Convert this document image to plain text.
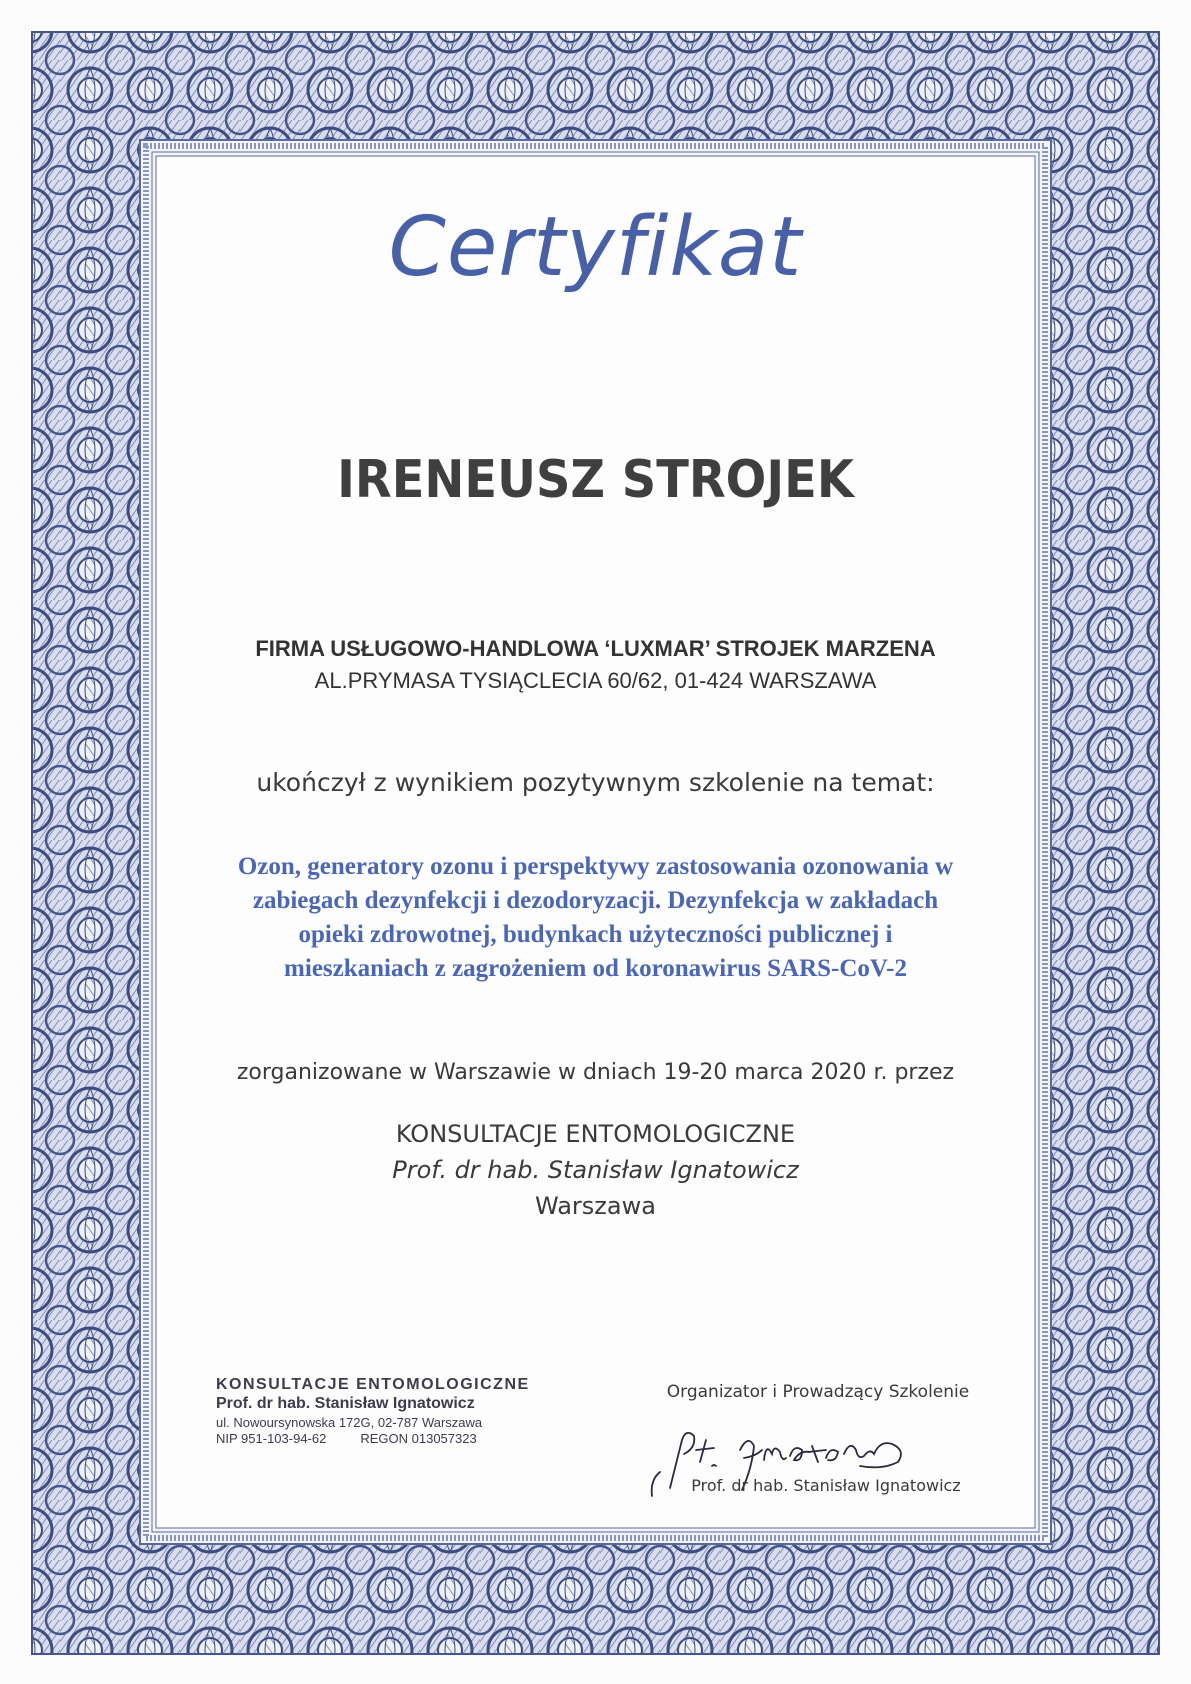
Certyfikat
IRENEUSZ STROJEK
FIRMA USŁUGOWO-HANDLOWA ‘LUXMAR’ STROJEK MARZENA
AL.PRYMASA TYSIĄCLECIA 60/62, 01-424 WARSZAWA
ukończył z wynikiem pozytywnym szkolenie na temat:
Ozon, generatory ozonu i perspektywy zastosowania ozonowania w
zabiegach dezynfekcji i dezodoryzacji. Dezynfekcja w zakładach
opieki zdrowotnej, budynkach użyteczności publicznej i
mieszkaniach z zagrożeniem od koronawirus SARS-CoV-2
zorganizowane w Warszawie w dniach 19-20 marca 2020 r. przez
KONSULTACJE ENTOMOLOGICZNE
Prof. dr hab. Stanisław Ignatowicz
Warszawa
KONSULTACJE ENTOMOLOGICZNE
Prof. dr hab. Stanisław Ignatowicz
ul. Nowoursynowska 172G, 02-787 Warszawa
NIP 951-103-94-62	REGON 013057323
Organizator i Prowadzący Szkolenie
Prof. dr hab. Stanisław Ignatowicz
